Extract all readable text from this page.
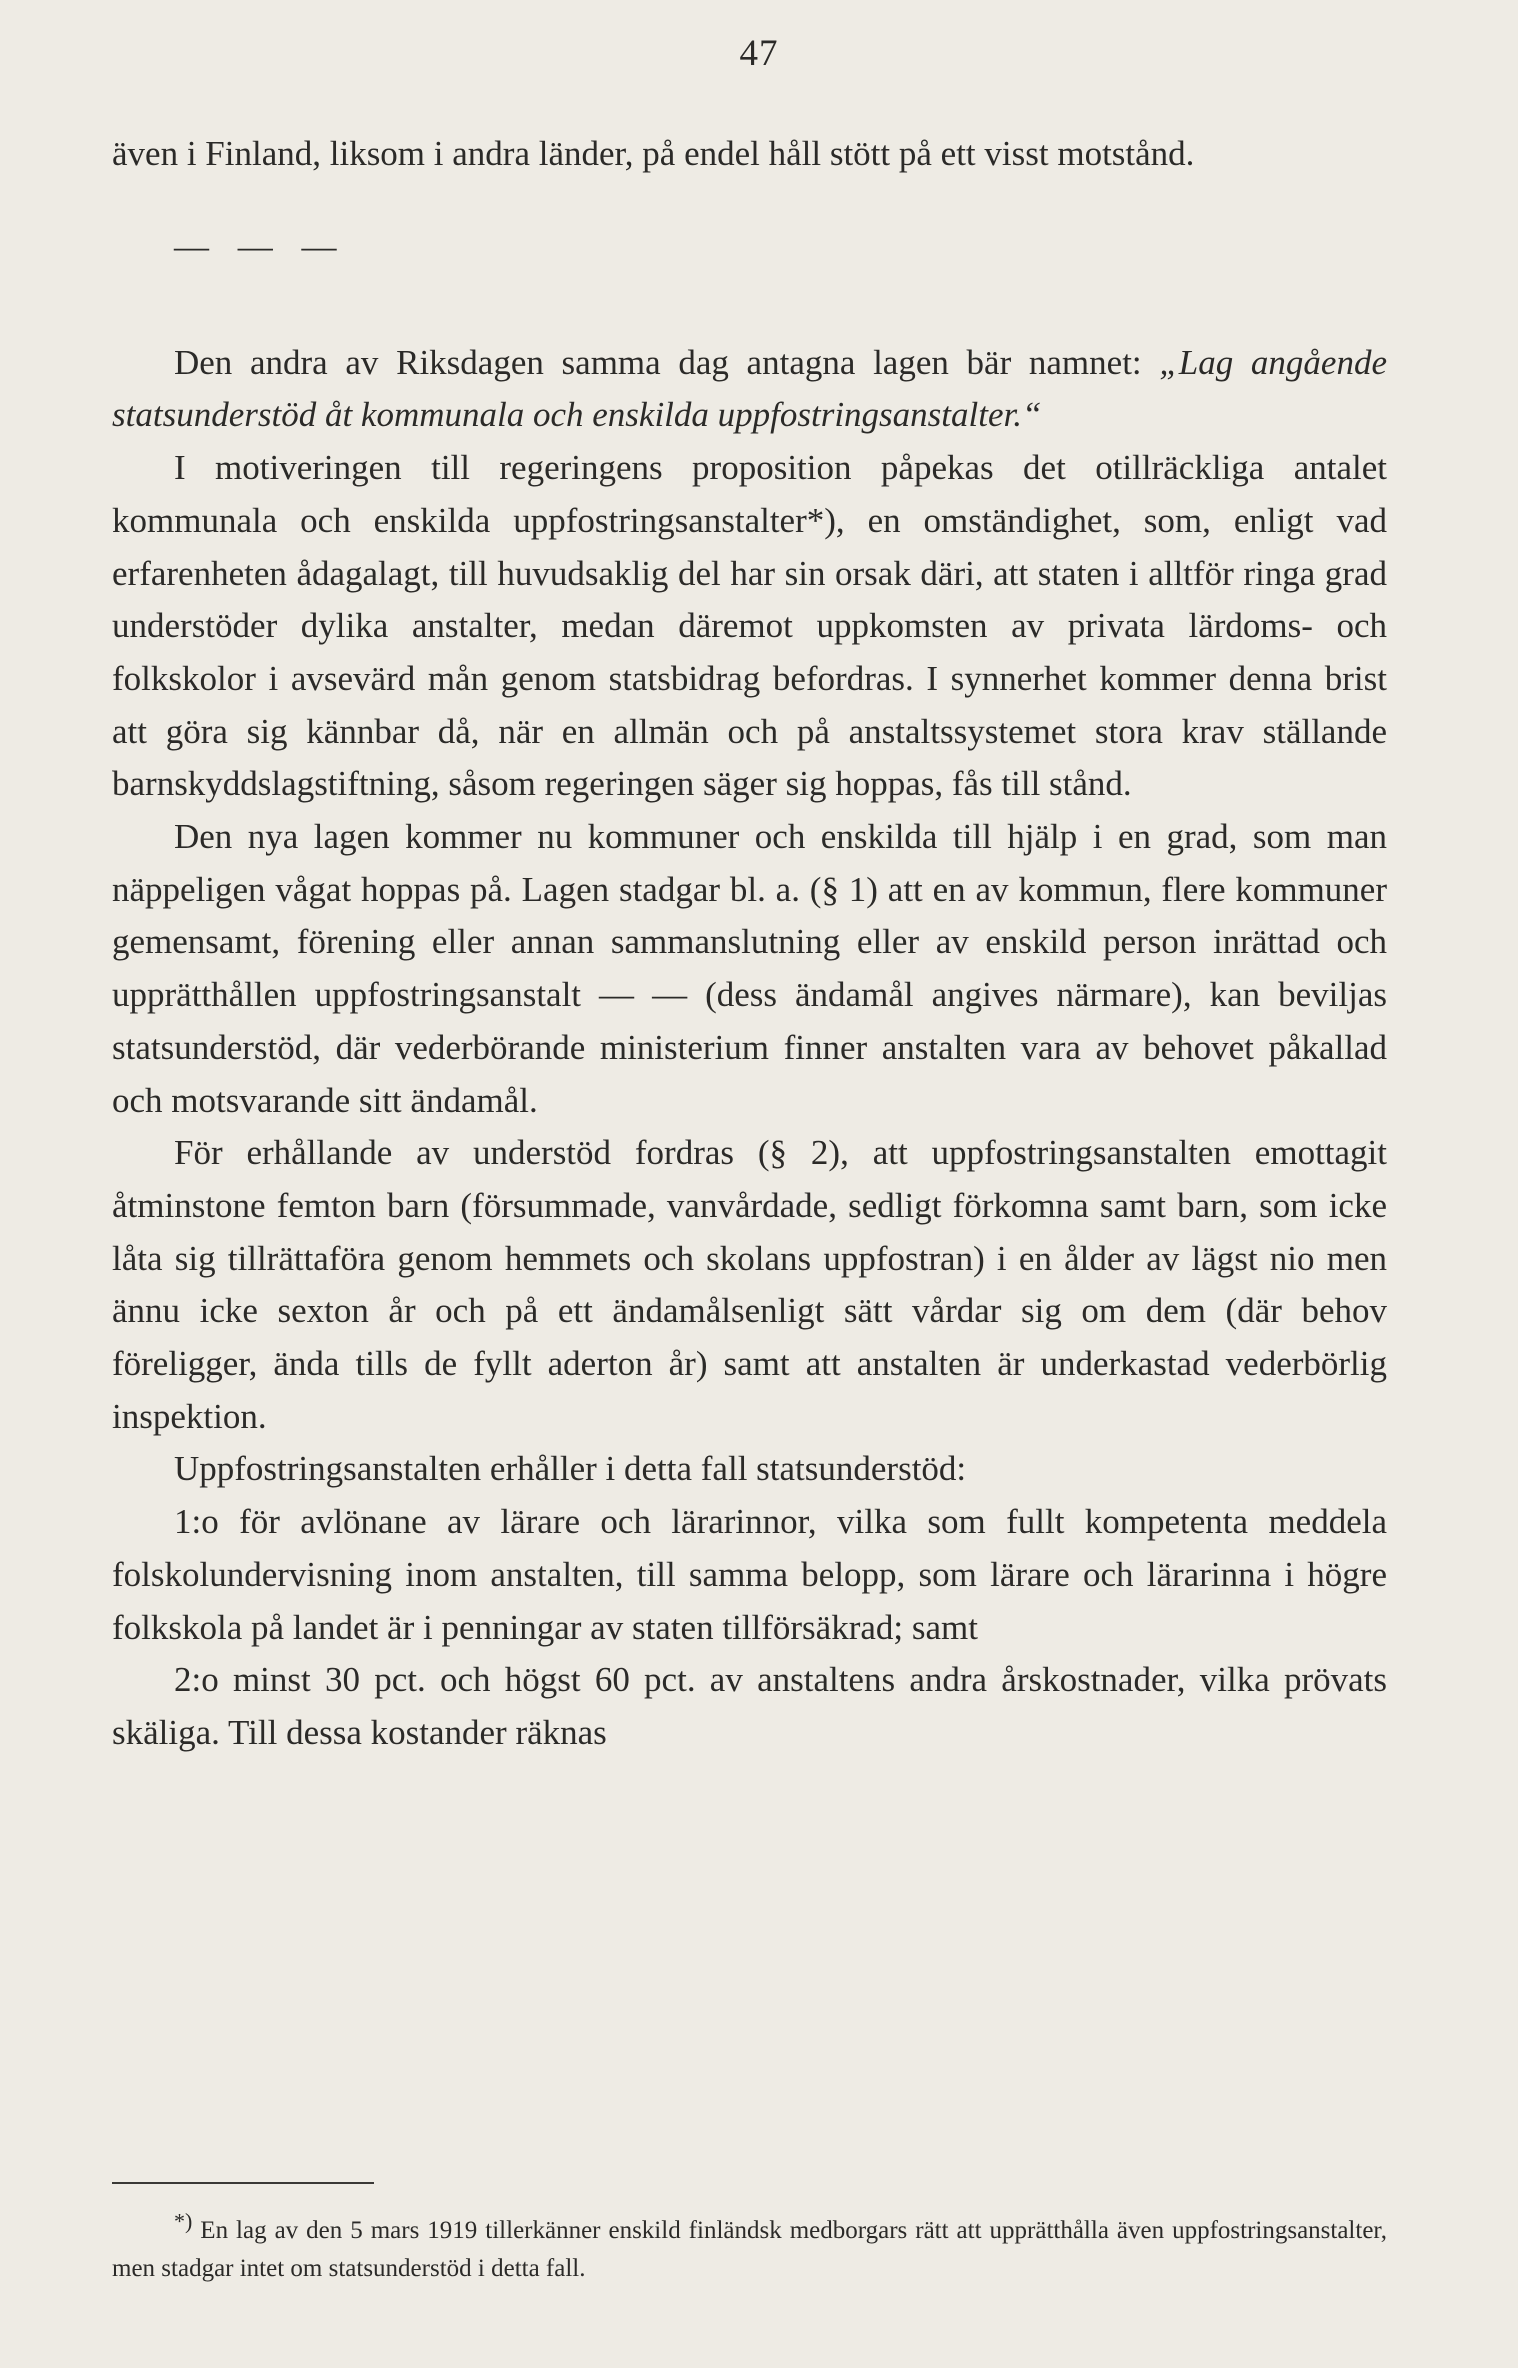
47

även i Finland, liksom i andra länder, på endel håll stött på ett visst motstånd.

— — —

Den andra av Riksdagen samma dag antagna lagen bär namnet: „Lag angående statsunderstöd åt kommunala och enskilda uppfostringsanstalter.“

I motiveringen till regeringens proposition påpekas det otillräckliga antalet kommunala och enskilda uppfostringsanstalter*), en omständighet, som, enligt vad erfarenheten ådagalagt, till huvudsaklig del har sin orsak däri, att staten i alltför ringa grad understöder dylika anstalter, medan däremot uppkomsten av privata lärdoms- och folkskolor i avsevärd mån genom statsbidrag befordras. I synnerhet kommer denna brist att göra sig kännbar då, när en allmän och på anstaltssystemet stora krav ställande barnskyddslagstiftning, såsom regeringen säger sig hoppas, fås till stånd.

Den nya lagen kommer nu kommuner och enskilda till hjälp i en grad, som man näppeligen vågat hoppas på. Lagen stadgar bl. a. (§ 1) att en av kommun, flere kommuner gemensamt, förening eller annan sammanslutning eller av enskild person inrättad och upprätthållen uppfostringsanstalt — — (dess ändamål angives närmare), kan beviljas statsunderstöd, där vederbörande ministerium finner anstalten vara av behovet påkallad och motsvarande sitt ändamål.

För erhållande av understöd fordras (§ 2), att uppfostringsanstalten emottagit åtminstone femton barn (försummade, vanvårdade, sedligt förkomna samt barn, som icke låta sig tillrättaföra genom hemmets och skolans uppfostran) i en ålder av lägst nio men ännu icke sexton år och på ett ändamålsenligt sätt vårdar sig om dem (där behov föreligger, ända tills de fyllt aderton år) samt att anstalten är underkastad vederbörlig inspektion.

Uppfostringsanstalten erhåller i detta fall statsunderstöd:

1:o för avlönane av lärare och lärarinnor, vilka som fullt kompetenta meddela folskolundervisning inom anstalten, till samma belopp, som lärare och lärarinna i högre folkskola på landet är i penningar av staten tillförsäkrad; samt

2:o minst 30 pct. och högst 60 pct. av anstaltens andra årskostnader, vilka prövats skäliga. Till dessa kostander räknas

*) En lag av den 5 mars 1919 tillerkänner enskild finländsk medborgars rätt att upprätthålla även uppfostringsanstalter, men stadgar intet om statsunderstöd i detta fall.
